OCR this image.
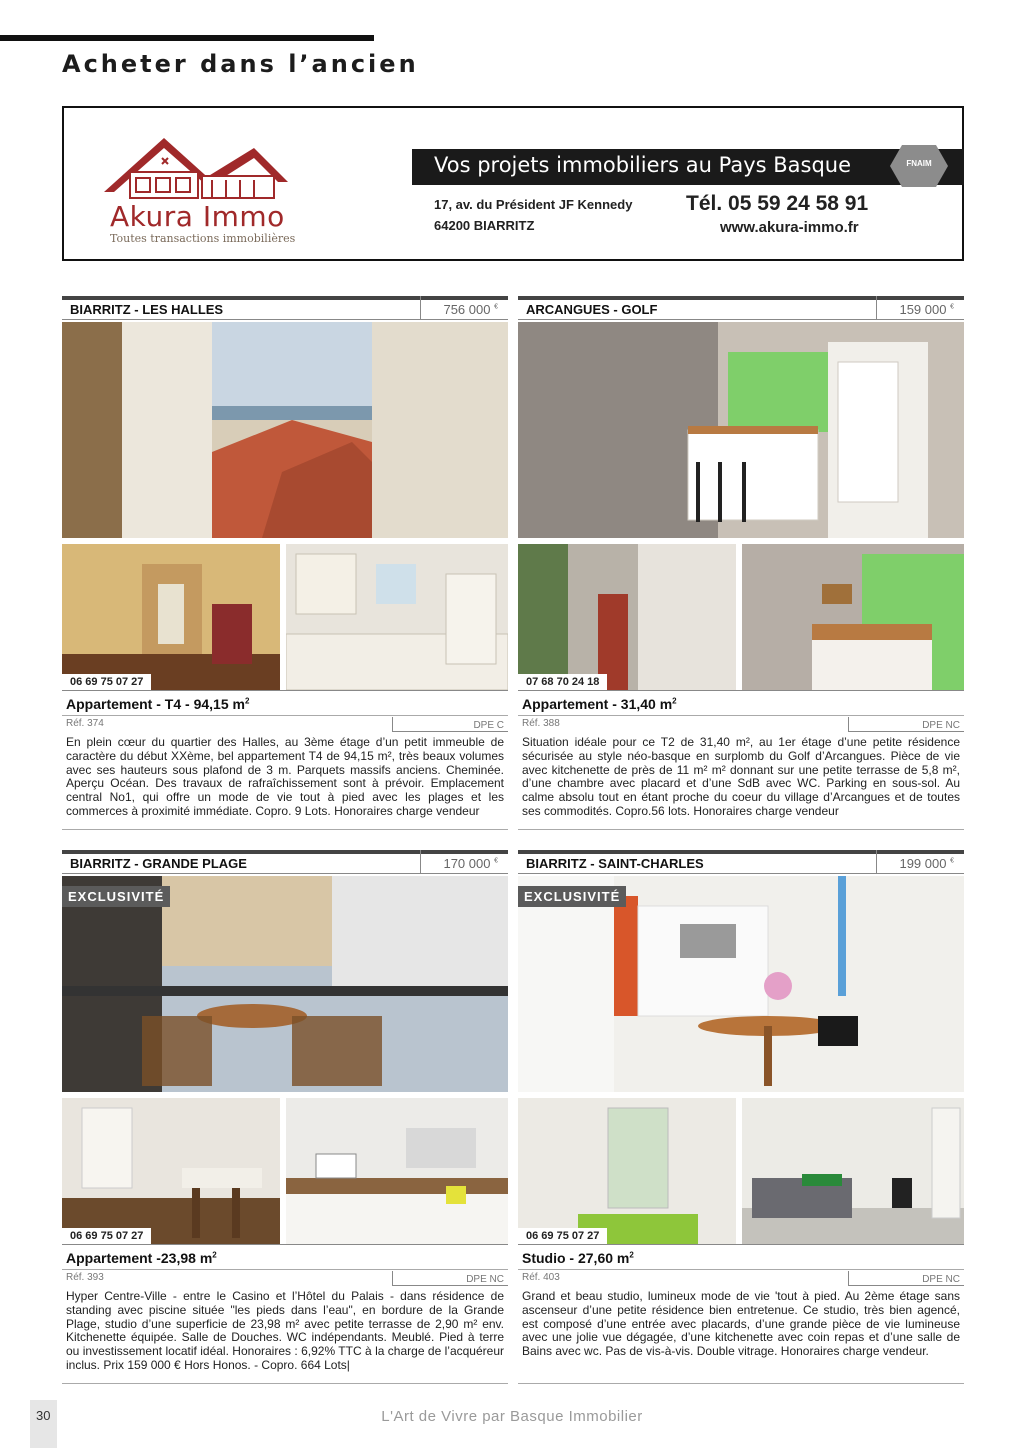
Acheter dans l’ancien
Akura Immo
Toutes transactions immobilières
Vos projets immobiliers au Pays Basque	FNAIM
17, av. du Président JF Kennedy
64200 BIARRITZ
Tél. 05 59 24 58 91
www.akura-immo.fr
BIARRITZ - LES HALLES	756 000 €
06 69 75 07 27
Appartement - T4 - 94,15 $m^2$
Réf. 374	DPE C

En plein cœur du quartier des Halles, au 3ème étage d’un petit immeuble de caractère du début XXème, bel appartement T4 de 94,15 m², très beaux volumes avec ses hauteurs sous plafond de 3 m. Parquets massifs anciens. Cheminée. Aperçu Océan. Des travaux de rafraîchissement sont à prévoir. Emplacement central No1, qui offre un mode de vie tout à pied avec les plages et les commerces à proximité immédiate. Copro. 9 Lots. Honoraires charge vendeur

ARCANGUES - GOLF	159 000 €
07 68 70 24 18
Appartement - 31,40 $m^2$
Réf. 388	DPE NC

Situation idéale pour ce T2 de 31,40 m², au 1er étage d’une petite résidence sécurisée au style néo-basque en surplomb du Golf d’Arcangues. Pièce de vie avec kitchenette de près de 11 m² m² donnant sur une petite terrasse de 5,8 m², d’une chambre avec placard et d’une SdB avec WC. Parking en sous-sol. Au calme absolu tout en étant proche du coeur du village d’Arcangues et de toutes ses commodités. Copro.56 lots. Honoraires charge vendeur

BIARRITZ - GRANDE PLAGE	170 000 €
EXCLUSIVITÉ
06 69 75 07 27
Appartement -23,98 $m^2$
Réf. 393	DPE NC

Hyper Centre-Ville - entre le Casino et l’Hôtel du Palais - dans résidence de standing avec piscine située "les pieds dans l’eau", en bordure de la Grande Plage, studio d’une superficie de 23,98 m² avec petite terrasse de 2,90 m² env. Kitchenette équipée. Salle de Douches. WC indépendants. Meublé. Pied à terre ou investissement locatif idéal. Honoraires : 6,92% TTC à la charge de l’acquéreur inclus. Prix 159 000 € Hors Honos. - Copro. 664 Lots|

BIARRITZ - SAINT-CHARLES	199 000 €
EXCLUSIVITÉ
06 69 75 07 27
Studio - 27,60 $m^2$
Réf. 403	DPE NC

Grand et beau studio, lumineux mode de vie 'tout à pied. Au 2ème étage sans ascenseur d’une petite résidence bien entretenue. Ce studio, très bien agencé, est composé d’une entrée avec placards, d’une grande pièce de vie lumineuse avec une jolie vue dégagée, d’une kitchenette avec coin repas et d’une salle de Bains avec wc. Pas de vis-à-vis. Double vitrage. Honoraires charge vendeur.

30	L'Art de Vivre par Basque Immobilier
